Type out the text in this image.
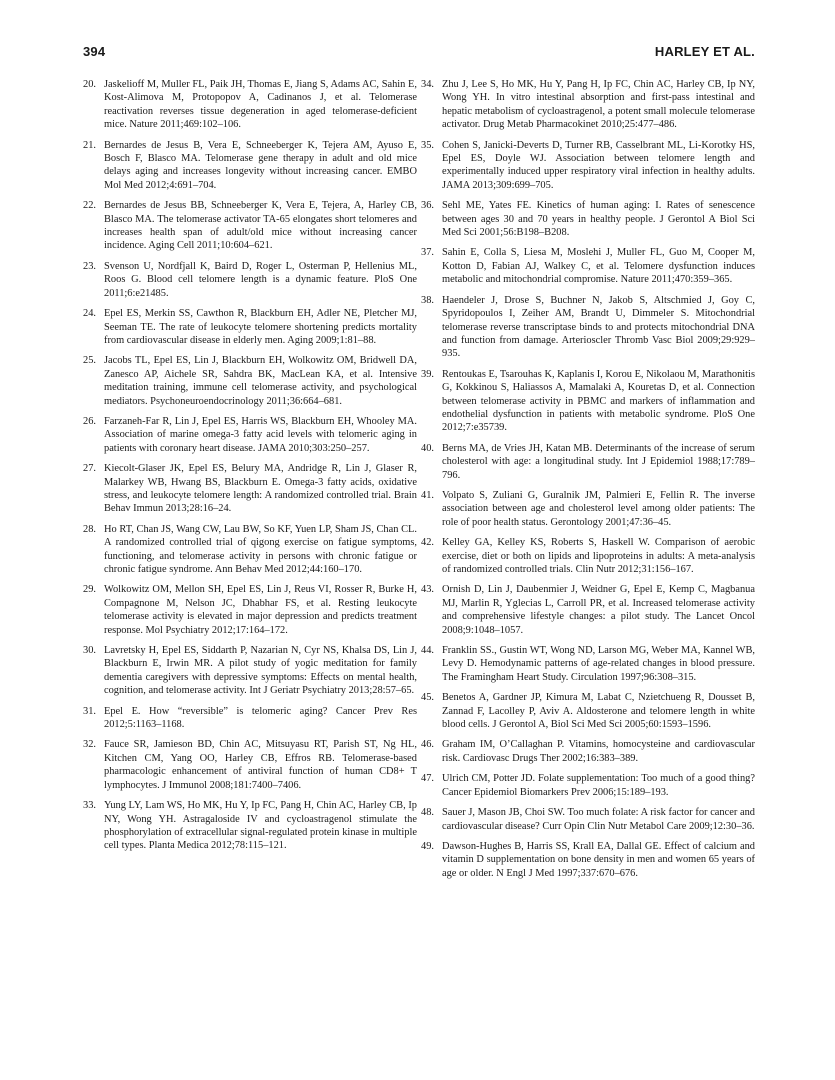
394	HARLEY ET AL.
20. Jaskelioff M, Muller FL, Paik JH, Thomas E, Jiang S, Adams AC, Sahin E, Kost-Alimova M, Protopopov A, Cadinanos J, et al. Telomerase reactivation reverses tissue degeneration in aged telomerase-deficient mice. Nature 2011;469:102–106.
21. Bernardes de Jesus B, Vera E, Schneeberger K, Tejera AM, Ayuso E, Bosch F, Blasco MA. Telomerase gene therapy in adult and old mice delays aging and increases longevity without increasing cancer. EMBO Mol Med 2012;4:691–704.
22. Bernardes de Jesus BB, Schneeberger K, Vera E, Tejera, A, Harley CB, Blasco MA. The telomerase activator TA-65 elongates short telomeres and increases health span of adult/old mice without increasing cancer incidence. Aging Cell 2011;10:604–621.
23. Svenson U, Nordfjall K, Baird D, Roger L, Osterman P, Hellenius ML, Roos G. Blood cell telomere length is a dynamic feature. PloS One 2011;6:e21485.
24. Epel ES, Merkin SS, Cawthon R, Blackburn EH, Adler NE, Pletcher MJ, Seeman TE. The rate of leukocyte telomere shortening predicts mortality from cardiovascular disease in elderly men. Aging 2009;1:81–88.
25. Jacobs TL, Epel ES, Lin J, Blackburn EH, Wolkowitz OM, Bridwell DA, Zanesco AP, Aichele SR, Sahdra BK, MacLean KA, et al. Intensive meditation training, immune cell telomerase activity, and psychological mediators. Psychoneuroendocrinology 2011;36:664–681.
26. Farzaneh-Far R, Lin J, Epel ES, Harris WS, Blackburn EH, Whooley MA. Association of marine omega-3 fatty acid levels with telomeric aging in patients with coronary heart disease. JAMA 2010;303:250–257.
27. Kiecolt-Glaser JK, Epel ES, Belury MA, Andridge R, Lin J, Glaser R, Malarkey WB, Hwang BS, Blackburn E. Omega-3 fatty acids, oxidative stress, and leukocyte telomere length: A randomized controlled trial. Brain Behav Immun 2013;28:16–24.
28. Ho RT, Chan JS, Wang CW, Lau BW, So KF, Yuen LP, Sham JS, Chan CL. A randomized controlled trial of qigong exercise on fatigue symptoms, functioning, and telomerase activity in persons with chronic fatigue or chronic fatigue syndrome. Ann Behav Med 2012;44:160–170.
29. Wolkowitz OM, Mellon SH, Epel ES, Lin J, Reus VI, Rosser R, Burke H, Compagnone M, Nelson JC, Dhabhar FS, et al. Resting leukocyte telomerase activity is elevated in major depression and predicts treatment response. Mol Psychiatry 2012;17:164–172.
30. Lavretsky H, Epel ES, Siddarth P, Nazarian N, Cyr NS, Khalsa DS, Lin J, Blackburn E, Irwin MR. A pilot study of yogic meditation for family dementia caregivers with depressive symptoms: Effects on mental health, cognition, and telomerase activity. Int J Geriatr Psychiatry 2013;28:57–65.
31. Epel E. How “reversible” is telomeric aging? Cancer Prev Res 2012;5:1163–1168.
32. Fauce SR, Jamieson BD, Chin AC, Mitsuyasu RT, Parish ST, Ng HL, Kitchen CM, Yang OO, Harley CB, Effros RB. Telomerase-based pharmacologic enhancement of antiviral function of human CD8+ T lymphocytes. J Immunol 2008;181:7400–7406.
33. Yung LY, Lam WS, Ho MK, Hu Y, Ip FC, Pang H, Chin AC, Harley CB, Ip NY, Wong YH. Astragaloside IV and cycloastragenol stimulate the phosphorylation of extracellular signal-regulated protein kinase in multiple cell types. Planta Medica 2012;78:115–121.
34. Zhu J, Lee S, Ho MK, Hu Y, Pang H, Ip FC, Chin AC, Harley CB, Ip NY, Wong YH. In vitro intestinal absorption and first-pass intestinal and hepatic metabolism of cycloastragenol, a potent small molecule telomerase activator. Drug Metab Pharmacokinet 2010;25:477–486.
35. Cohen S, Janicki-Deverts D, Turner RB, Casselbrant ML, Li-Korotky HS, Epel ES, Doyle WJ. Association between telomere length and experimentally induced upper respiratory viral infection in healthy adults. JAMA 2013;309:699–705.
36. Sehl ME, Yates FE. Kinetics of human aging: I. Rates of senescence between ages 30 and 70 years in healthy people. J Gerontol A Biol Sci Med Sci 2001;56:B198–B208.
37. Sahin E, Colla S, Liesa M, Moslehi J, Muller FL, Guo M, Cooper M, Kotton D, Fabian AJ, Walkey C, et al. Telomere dysfunction induces metabolic and mitochondrial compromise. Nature 2011;470:359–365.
38. Haendeler J, Drose S, Buchner N, Jakob S, Altschmied J, Goy C, Spyridopoulos I, Zeiher AM, Brandt U, Dimmeler S. Mitochondrial telomerase reverse transcriptase binds to and protects mitochondrial DNA and function from damage. Arterioscler Thromb Vasc Biol 2009;29:929–935.
39. Rentoukas E, Tsarouhas K, Kaplanis I, Korou E, Nikolaou M, Marathonitis G, Kokkinou S, Haliassos A, Mamalaki A, Kouretas D, et al. Connection between telomerase activity in PBMC and markers of inflammation and endothelial dysfunction in patients with metabolic syndrome. PloS One 2012;7:e35739.
40. Berns MA, de Vries JH, Katan MB. Determinants of the increase of serum cholesterol with age: a longitudinal study. Int J Epidemiol 1988;17:789–796.
41. Volpato S, Zuliani G, Guralnik JM, Palmieri E, Fellin R. The inverse association between age and cholesterol level among older patients: The role of poor health status. Gerontology 2001;47:36–45.
42. Kelley GA, Kelley KS, Roberts S, Haskell W. Comparison of aerobic exercise, diet or both on lipids and lipoproteins in adults: A meta-analysis of randomized controlled trials. Clin Nutr 2012;31:156–167.
43. Ornish D, Lin J, Daubenmier J, Weidner G, Epel E, Kemp C, Magbanua MJ, Marlin R, Yglecias L, Carroll PR, et al. Increased telomerase activity and comprehensive lifestyle changes: a pilot study. The Lancet Oncol 2008;9:1048–1057.
44. Franklin SS., Gustin WT, Wong ND, Larson MG, Weber MA, Kannel WB, Levy D. Hemodynamic patterns of age-related changes in blood pressure. The Framingham Heart Study. Circulation 1997;96:308–315.
45. Benetos A, Gardner JP, Kimura M, Labat C, Nzietchueng R, Dousset B, Zannad F, Lacolley P, Aviv A. Aldosterone and telomere length in white blood cells. J Gerontol A, Biol Sci Med Sci 2005;60:1593–1596.
46. Graham IM, O’Callaghan P. Vitamins, homocysteine and cardiovascular risk. Cardiovasc Drugs Ther 2002;16:383–389.
47. Ulrich CM, Potter JD. Folate supplementation: Too much of a good thing? Cancer Epidemiol Biomarkers Prev 2006;15:189–193.
48. Sauer J, Mason JB, Choi SW. Too much folate: A risk factor for cancer and cardiovascular disease? Curr Opin Clin Nutr Metabol Care 2009;12:30–36.
49. Dawson-Hughes B, Harris SS, Krall EA, Dallal GE. Effect of calcium and vitamin D supplementation on bone density in men and women 65 years of age or older. N Engl J Med 1997;337:670–676.
